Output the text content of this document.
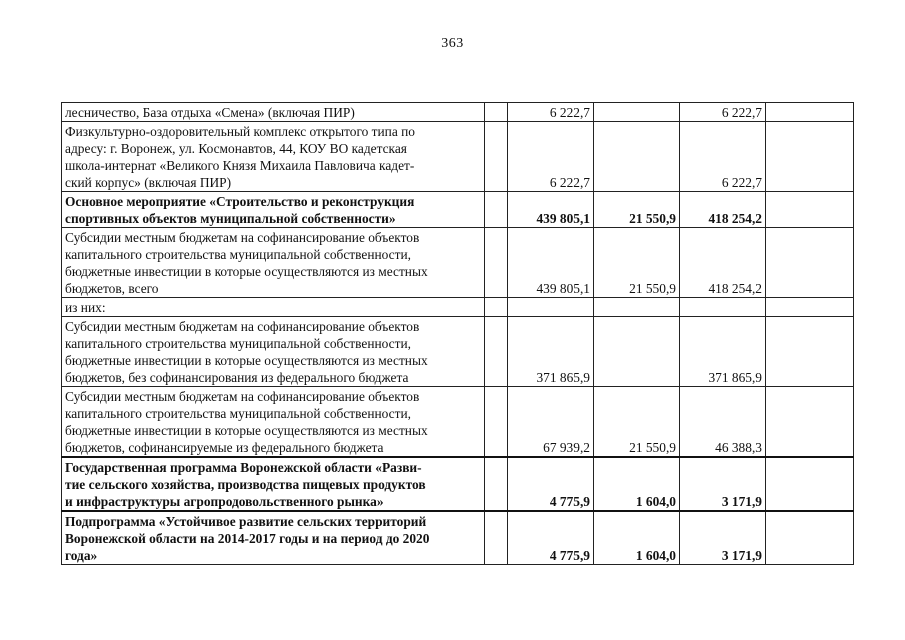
363
лесничество, База отдыха «Смена» (включая ПИР)		6 222,7		6 222,7	
Физкультурно-оздоровительный комплекс открытого типа по
адресу: г. Воронеж, ул. Космонавтов, 44, КОУ ВО кадетская
школа-интернат «Великого Князя Михаила Павловича кадет-
ский корпус» (включая ПИР)		6 222,7		6 222,7	
Основное мероприятие «Строительство и реконструкция
спортивных объектов муниципальной собственности»		439 805,1	21 550,9	418 254,2	
Субсидии местным бюджетам на софинансирование объектов
капитального строительства муниципальной собственности,
бюджетные инвестиции в которые осуществляются из местных
бюджетов, всего		439 805,1	21 550,9	418 254,2	
из них:					
Субсидии местным бюджетам на софинансирование объектов
капитального строительства муниципальной собственности,
бюджетные инвестиции в которые осуществляются из местных
бюджетов, без софинансирования из федерального бюджета		371 865,9		371 865,9	
Субсидии местным бюджетам на софинансирование объектов
капитального строительства муниципальной собственности,
бюджетные инвестиции в которые осуществляются из местных
бюджетов, софинансируемые из федерального бюджета		67 939,2	21 550,9	46 388,3	
Государственная программа Воронежской области «Разви-
тие сельского хозяйства, производства пищевых продуктов
и инфраструктуры агропродовольственного рынка»		4 775,9	1 604,0	3 171,9	
Подпрограмма «Устойчивое развитие сельских территорий
Воронежской области на 2014-2017 годы и на период до 2020
года»		4 775,9	1 604,0	3 171,9	
